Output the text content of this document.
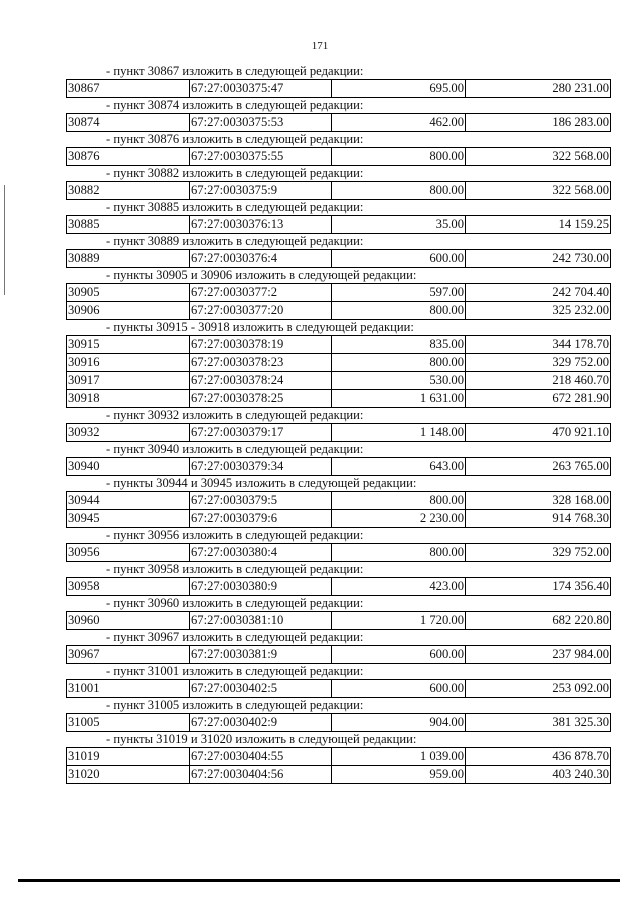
171
- пункт 30867 изложить в следующей редакции:
30867	67:27:0030375:47	695.00	280 231.00
- пункт 30874 изложить в следующей редакции:
30874	67:27:0030375:53	462.00	186 283.00
- пункт 30876 изложить в следующей редакции:
30876	67:27:0030375:55	800.00	322 568.00
- пункт 30882 изложить в следующей редакции:
30882	67:27:0030375:9	800.00	322 568.00
- пункт 30885 изложить в следующей редакции:
30885	67:27:0030376:13	35.00	14 159.25
- пункт 30889 изложить в следующей редакции:
30889	67:27:0030376:4	600.00	242 730.00
- пункты 30905 и 30906 изложить в следующей редакции:
30905	67:27:0030377:2	597.00	242 704.40
30906	67:27:0030377:20	800.00	325 232.00
- пункты 30915 - 30918 изложить в следующей редакции:
30915	67:27:0030378:19	835.00	344 178.70
30916	67:27:0030378:23	800.00	329 752.00
30917	67:27:0030378:24	530.00	218 460.70
30918	67:27:0030378:25	1 631.00	672 281.90
- пункт 30932 изложить в следующей редакции:
30932	67:27:0030379:17	1 148.00	470 921.10
- пункт 30940 изложить в следующей редакции:
30940	67:27:0030379:34	643.00	263 765.00
- пункты 30944 и 30945 изложить в следующей редакции:
30944	67:27:0030379:5	800.00	328 168.00
30945	67:27:0030379:6	2 230.00	914 768.30
- пункт 30956 изложить в следующей редакции:
30956	67:27:0030380:4	800.00	329 752.00
- пункт 30958 изложить в следующей редакции:
30958	67:27:0030380:9	423.00	174 356.40
- пункт 30960 изложить в следующей редакции:
30960	67:27:0030381:10	1 720.00	682 220.80
- пункт 30967 изложить в следующей редакции:
30967	67:27:0030381:9	600.00	237 984.00
- пункт 31001 изложить в следующей редакции:
31001	67:27:0030402:5	600.00	253 092.00
- пункт 31005 изложить в следующей редакции:
31005	67:27:0030402:9	904.00	381 325.30
- пункты 31019 и 31020 изложить в следующей редакции:
31019	67:27:0030404:55	1 039.00	436 878.70
31020	67:27:0030404:56	959.00	403 240.30
